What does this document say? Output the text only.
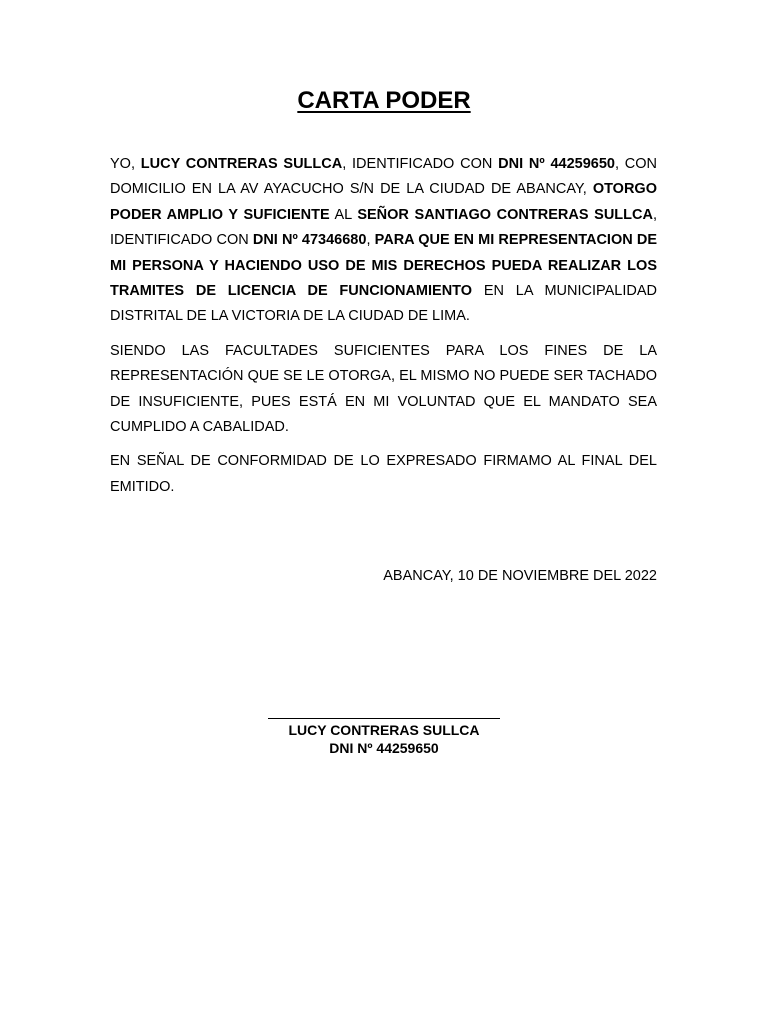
CARTA PODER

YO, LUCY CONTRERAS SULLCA, IDENTIFICADO CON DNI Nº 44259650, CON DOMICILIO EN LA AV AYACUCHO S/N DE LA CIUDAD DE ABANCAY, OTORGO PODER AMPLIO Y SUFICIENTE AL SEÑOR SANTIAGO CONTRERAS SULLCA, IDENTIFICADO CON DNI Nº 47346680, PARA QUE EN MI REPRESENTACION DE MI PERSONA Y HACIENDO USO DE MIS DERECHOS PUEDA REALIZAR LOS TRAMITES DE LICENCIA DE FUNCIONAMIENTO EN LA MUNICIPALIDAD DISTRITAL DE LA VICTORIA DE LA CIUDAD DE LIMA.

SIENDO LAS FACULTADES SUFICIENTES PARA LOS FINES DE LA REPRESENTACIÓN QUE SE LE OTORGA, EL MISMO NO PUEDE SER TACHADO DE INSUFICIENTE, PUES ESTÁ EN MI VOLUNTAD QUE EL MANDATO SEA CUMPLIDO A CABALIDAD.

EN SEÑAL DE CONFORMIDAD DE LO EXPRESADO FIRMAMO AL FINAL DEL EMITIDO.

ABANCAY, 10 DE NOVIEMBRE DEL 2022
LUCY CONTRERAS SULLCA
DNI Nº 44259650
